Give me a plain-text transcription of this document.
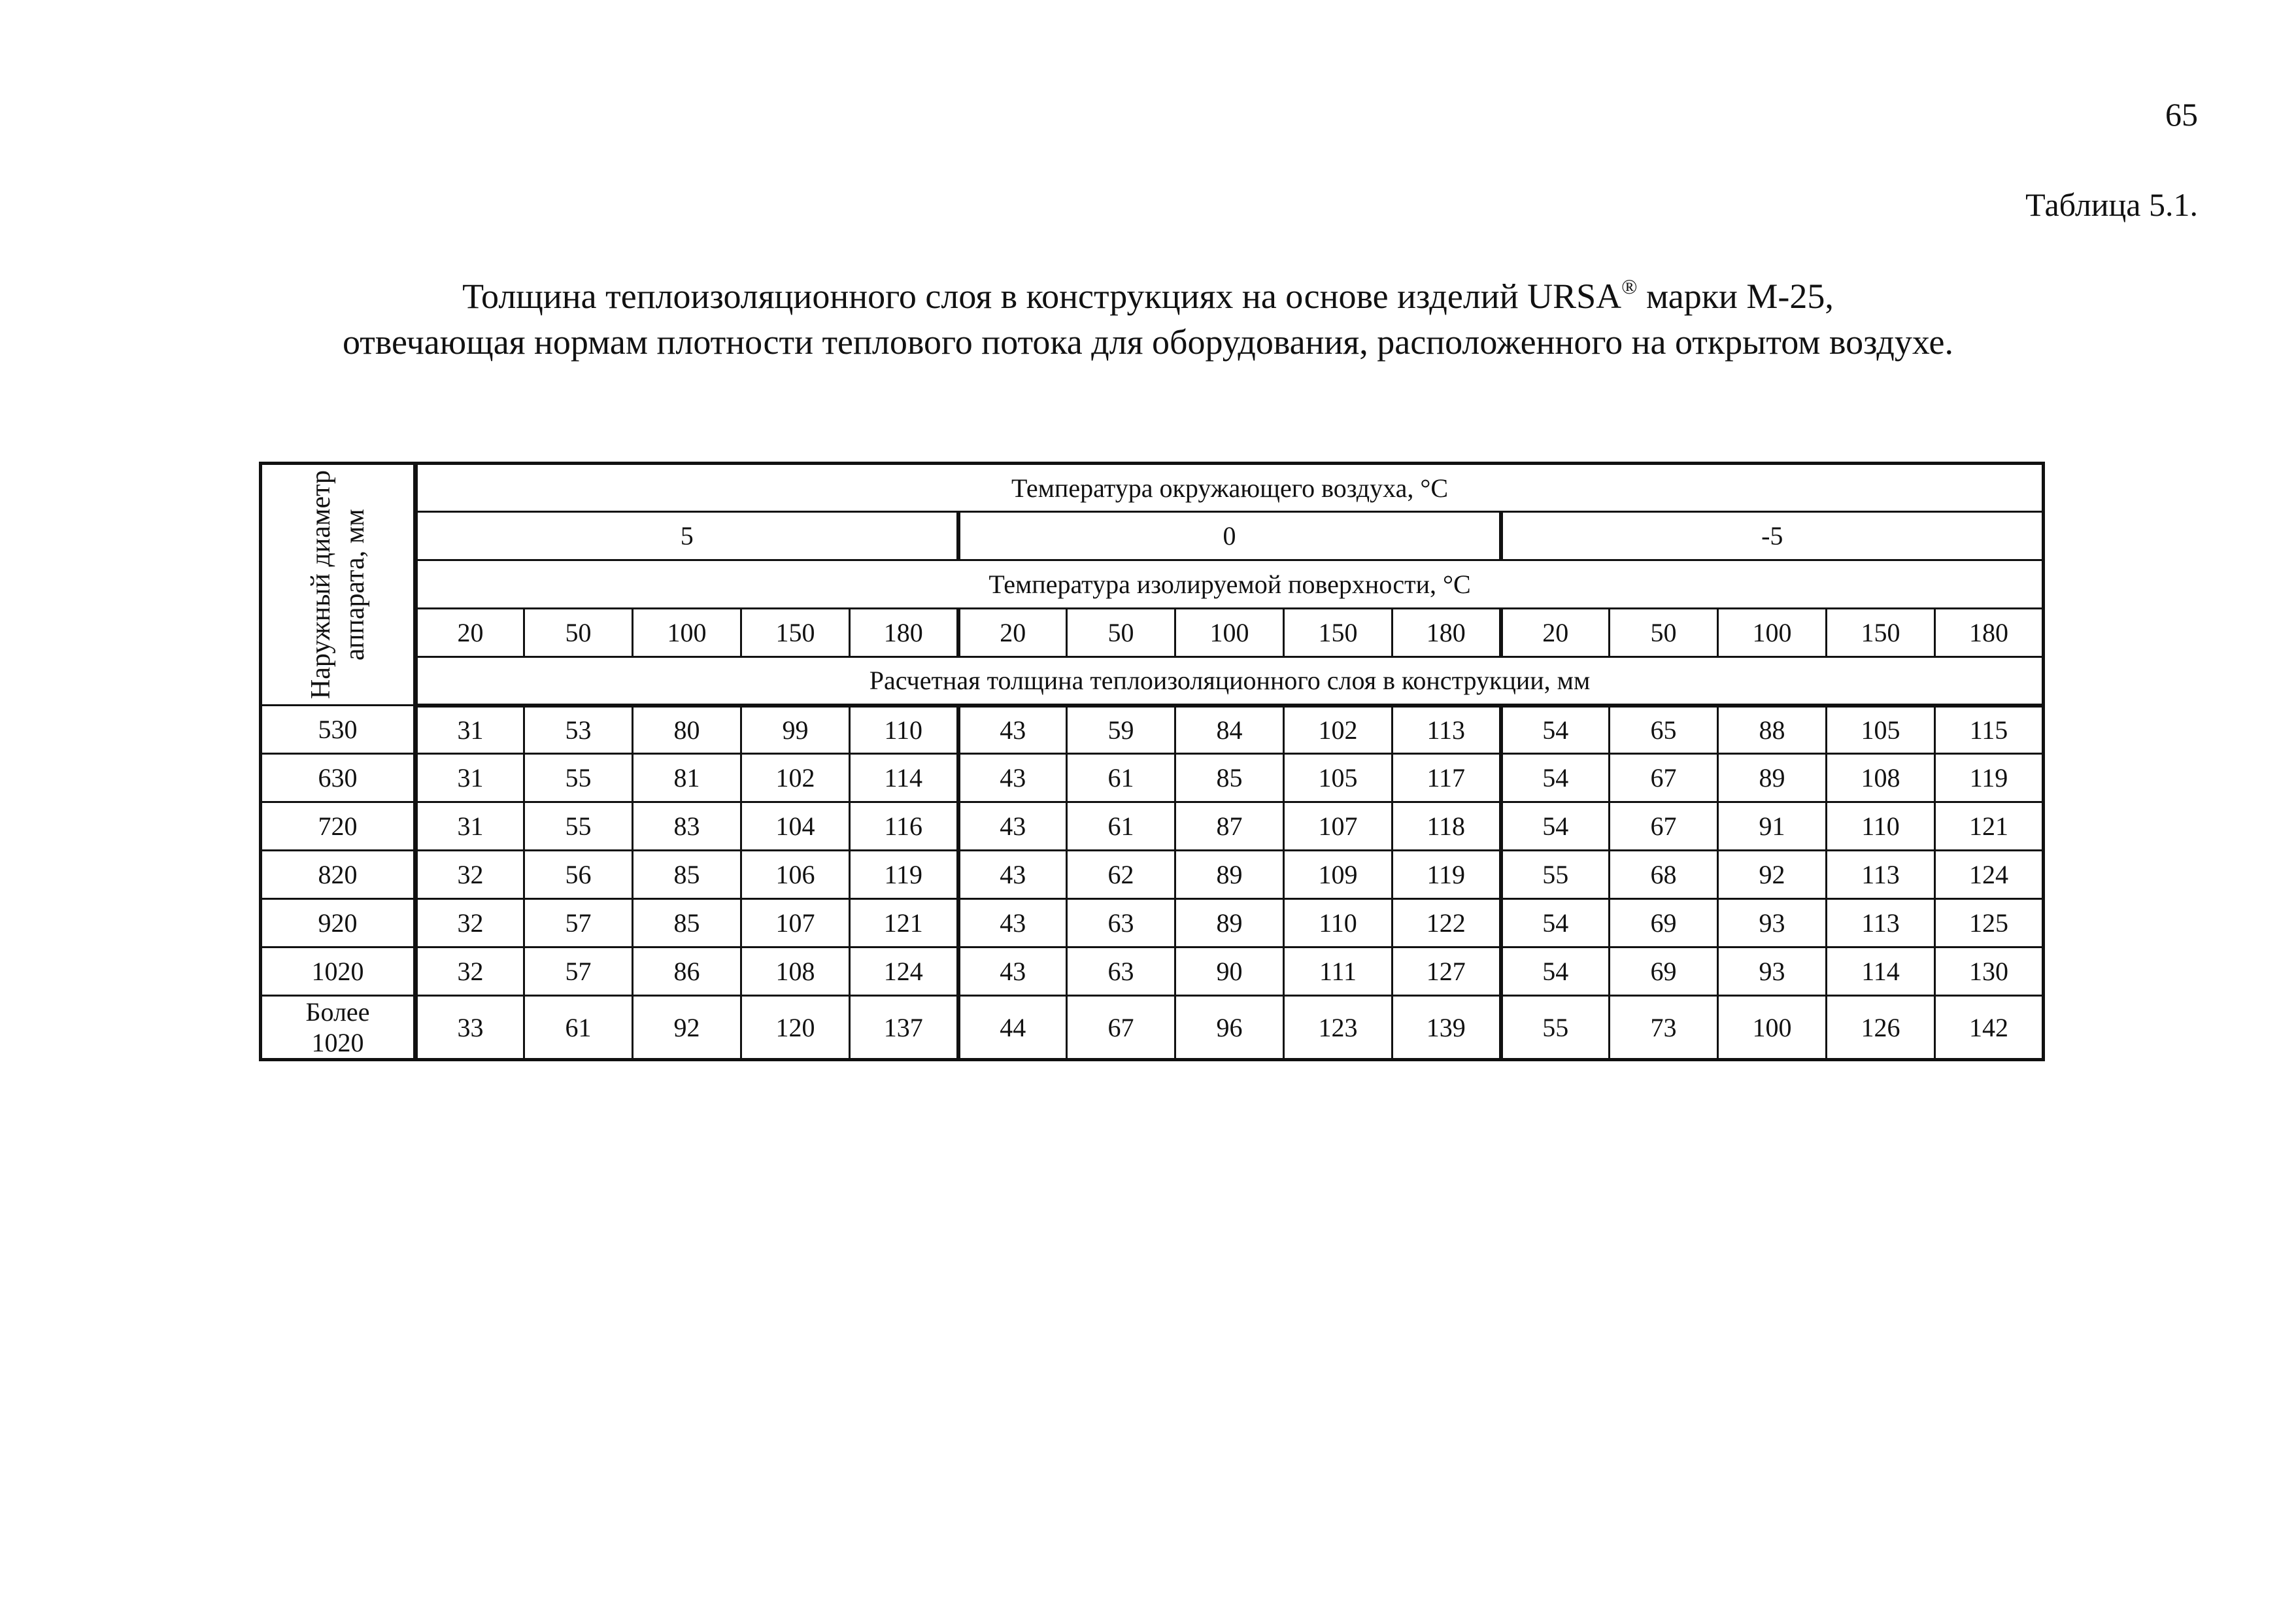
65
Таблица 5.1.
Толщина теплоизоляционного слоя в конструкциях на основе изделий URSA® марки М-25,
отвечающая нормам плотности теплового потока для оборудования, расположенного на открытом воздухе.
Наружный диаметр
аппарата, мм	Температура окружающего воздуха, °С														
	5					0					-5				
	Температура изолируемой поверхности, °С														
	20	50	100	150	180	20	50	100	150	180	20	50	100	150	180
	Расчетная толщина теплоизоляционного слоя в конструкции, мм														
530	31	53	80	99	110	43	59	84	102	113	54	65	88	105	115
630	31	55	81	102	114	43	61	85	105	117	54	67	89	108	119
720	31	55	83	104	116	43	61	87	107	118	54	67	91	110	121
820	32	56	85	106	119	43	62	89	109	119	55	68	92	113	124
920	32	57	85	107	121	43	63	89	110	122	54	69	93	113	125
1020	32	57	86	108	124	43	63	90	111	127	54	69	93	114	130
Более
1020	33	61	92	120	137	44	67	96	123	139	55	73	100	126	142
